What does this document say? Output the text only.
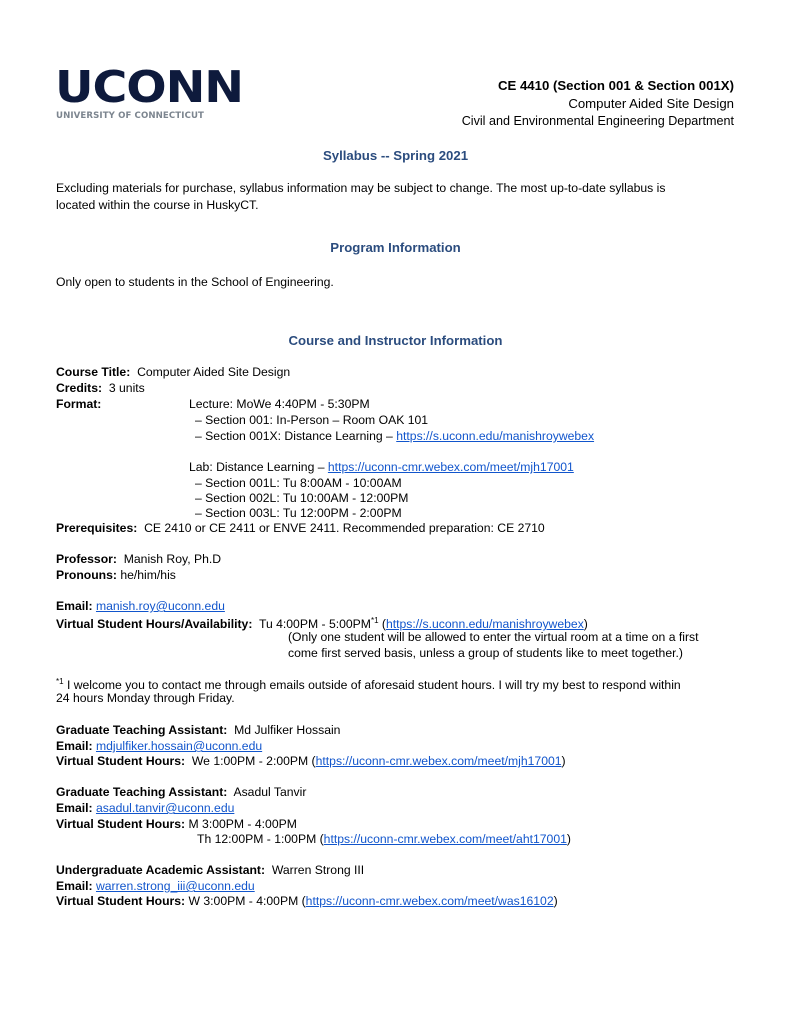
UCONN
UNIVERSITY OF CONNECTICUT
CE 4410 (Section 001 & Section 001X)
Computer Aided Site Design
Civil and Environmental Engineering Department
Syllabus -- Spring 2021
Excluding materials for purchase, syllabus information may be subject to change. The most up-to-date syllabus is
located within the course in HuskyCT.
Program Information
Only open to students in the School of Engineering.
Course and Instructor Information
Course Title: Computer Aided Site Design
Credits: 3 units
Format:	Lecture: MoWe 4:40PM - 5:30PM
– Section 001: In-Person – Room OAK 101
– Section 001X: Distance Learning – https://s.uconn.edu/manishroywebex
Lab: Distance Learning – https://uconn-cmr.webex.com/meet/mjh17001
– Section 001L: Tu 8:00AM - 10:00AM
– Section 002L: Tu 10:00AM - 12:00PM
– Section 003L: Tu 12:00PM - 2:00PM
Prerequisites: CE 2410 or CE 2411 or ENVE 2411. Recommended preparation: CE 2710
Professor: Manish Roy, Ph.D
Pronouns: he/him/his
Email: manish.roy@uconn.edu
Virtual Student Hours/Availability: Tu 4:00PM - 5:00PM$^{*1}$ (https://s.uconn.edu/manishroywebex)
(Only one student will be allowed to enter the virtual room at a time on a first
come first served basis, unless a group of students like to meet together.)
$^{*1}$ I welcome you to contact me through emails outside of aforesaid student hours. I will try my best to respond within
24 hours Monday through Friday.
Graduate Teaching Assistant: Md Julfiker Hossain
Email: mdjulfiker.hossain@uconn.edu
Virtual Student Hours: We 1:00PM - 2:00PM (https://uconn-cmr.webex.com/meet/mjh17001)
Graduate Teaching Assistant: Asadul Tanvir
Email: asadul.tanvir@uconn.edu
Virtual Student Hours: M 3:00PM - 4:00PM
Th 12:00PM - 1:00PM (https://uconn-cmr.webex.com/meet/aht17001)
Undergraduate Academic Assistant: Warren Strong III
Email: warren.strong_iii@uconn.edu
Virtual Student Hours: W 3:00PM - 4:00PM (https://uconn-cmr.webex.com/meet/was16102)
